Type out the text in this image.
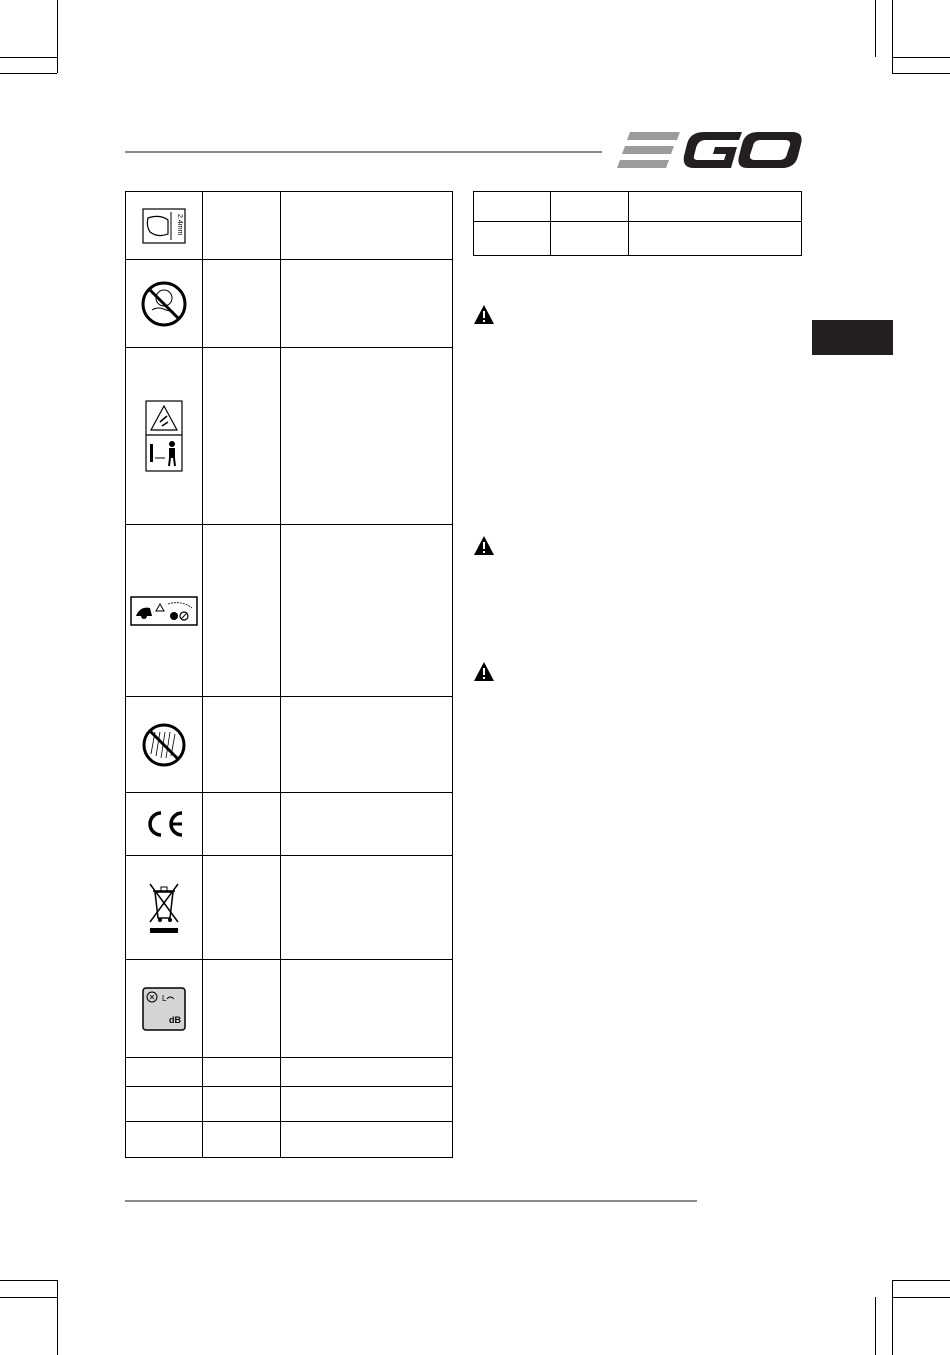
2.4mm		

L
dB		
